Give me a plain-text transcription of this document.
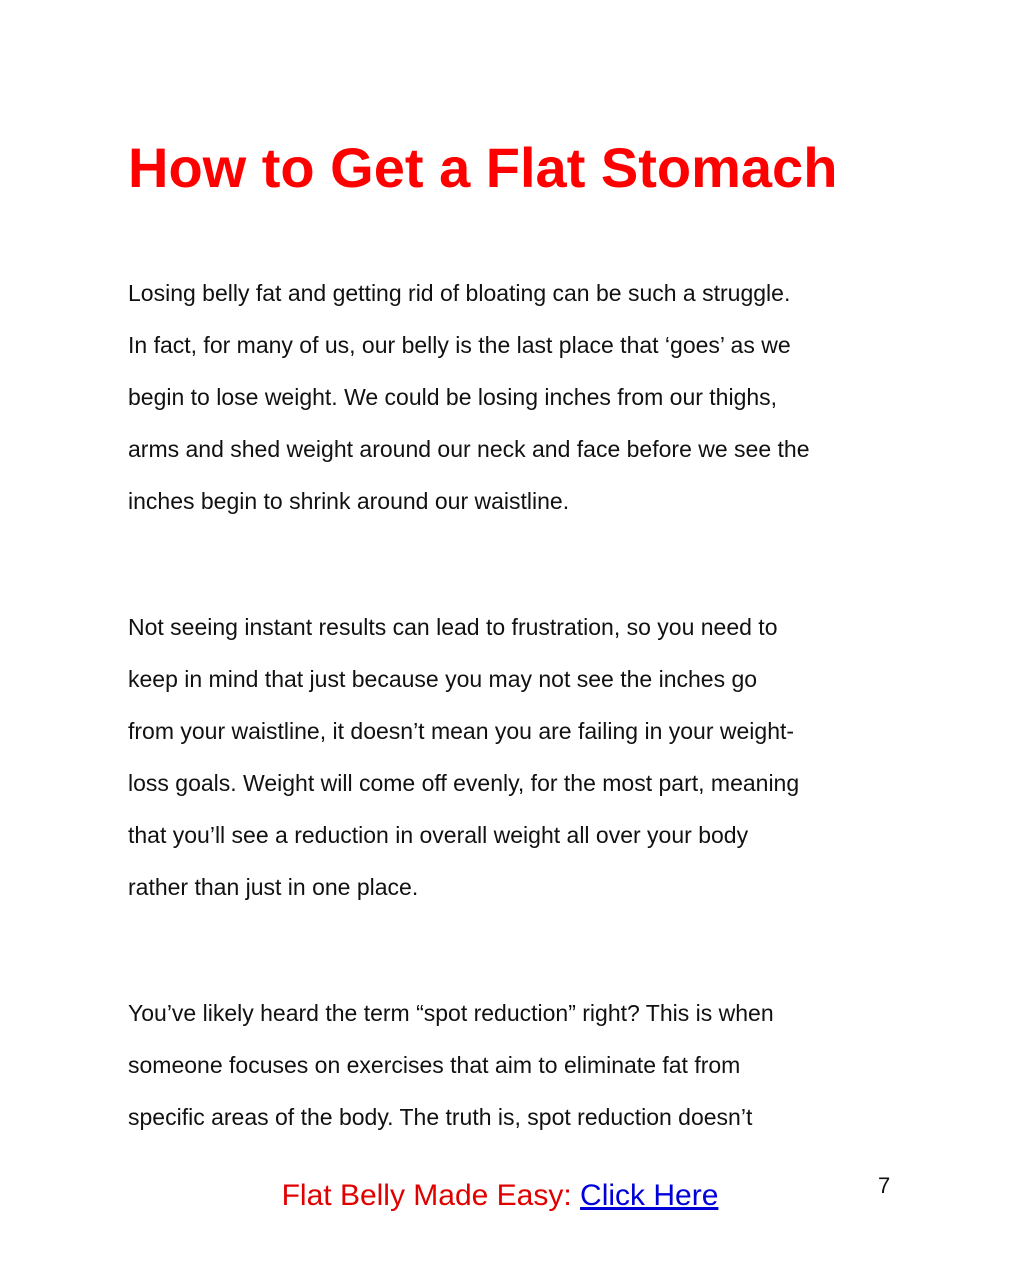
How to Get a Flat Stomach

Losing belly fat and getting rid of bloating can be such a struggle.

In fact, for many of us, our belly is the last place that ‘goes’ as we

begin to lose weight. We could be losing inches from our thighs,

arms and shed weight around our neck and face before we see the

inches begin to shrink around our waistline.

Not seeing instant results can lead to frustration, so you need to

keep in mind that just because you may not see the inches go

from your waistline, it doesn’t mean you are failing in your weight-

loss goals. Weight will come off evenly, for the most part, meaning

that you’ll see a reduction in overall weight all over your body

rather than just in one place.

You’ve likely heard the term “spot reduction” right? This is when

someone focuses on exercises that aim to eliminate fat from

specific areas of the body. The truth is, spot reduction doesn’t

Flat Belly Made Easy: Click Here	7
